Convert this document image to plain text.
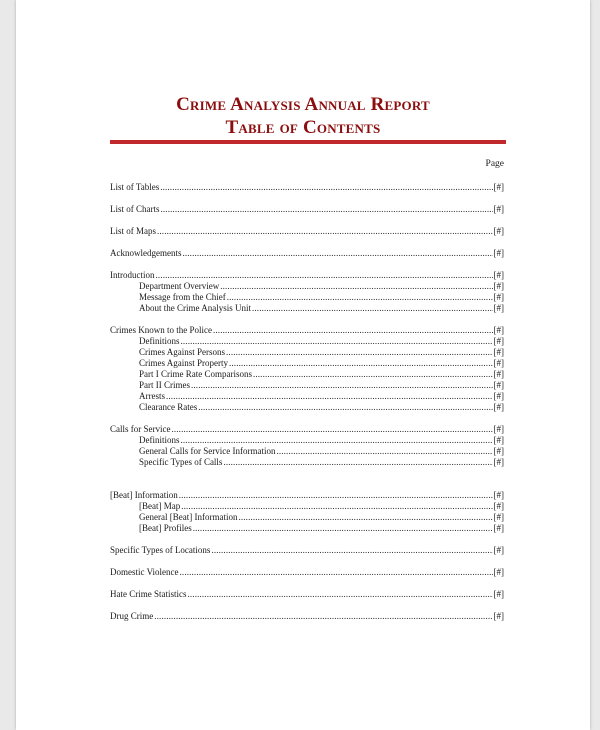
Crime Analysis Annual Report
Table of Contents
Page
List of Tables .....	[#]
List of Charts .....	[#]
List of Maps .....	[#]
Acknowledgements .....	[#]
Introduction .....	[#]
Department Overview .....	[#]
Message from the Chief .....	[#]
About the Crime Analysis Unit .....	[#]
Crimes Known to the Police .....	[#]
Definitions .....	[#]
Crimes Against Persons .....	[#]
Crimes Against Property .....	[#]
Part I Crime Rate Comparisons .....	[#]
Part II Crimes .....	[#]
Arrests .....	[#]
Clearance Rates .....	[#]
Calls for Service .....	[#]
Definitions .....	[#]
General Calls for Service Information .....	[#]
Specific Types of Calls .....	[#]
[Beat] Information .....	[#]
[Beat] Map .....	[#]
General [Beat] Information .....	[#]
[Beat] Profiles .....	[#]
Specific Types of Locations .....	[#]
Domestic Violence .....	[#]
Hate Crime Statistics .....	[#]
Drug Crime .....	[#]
